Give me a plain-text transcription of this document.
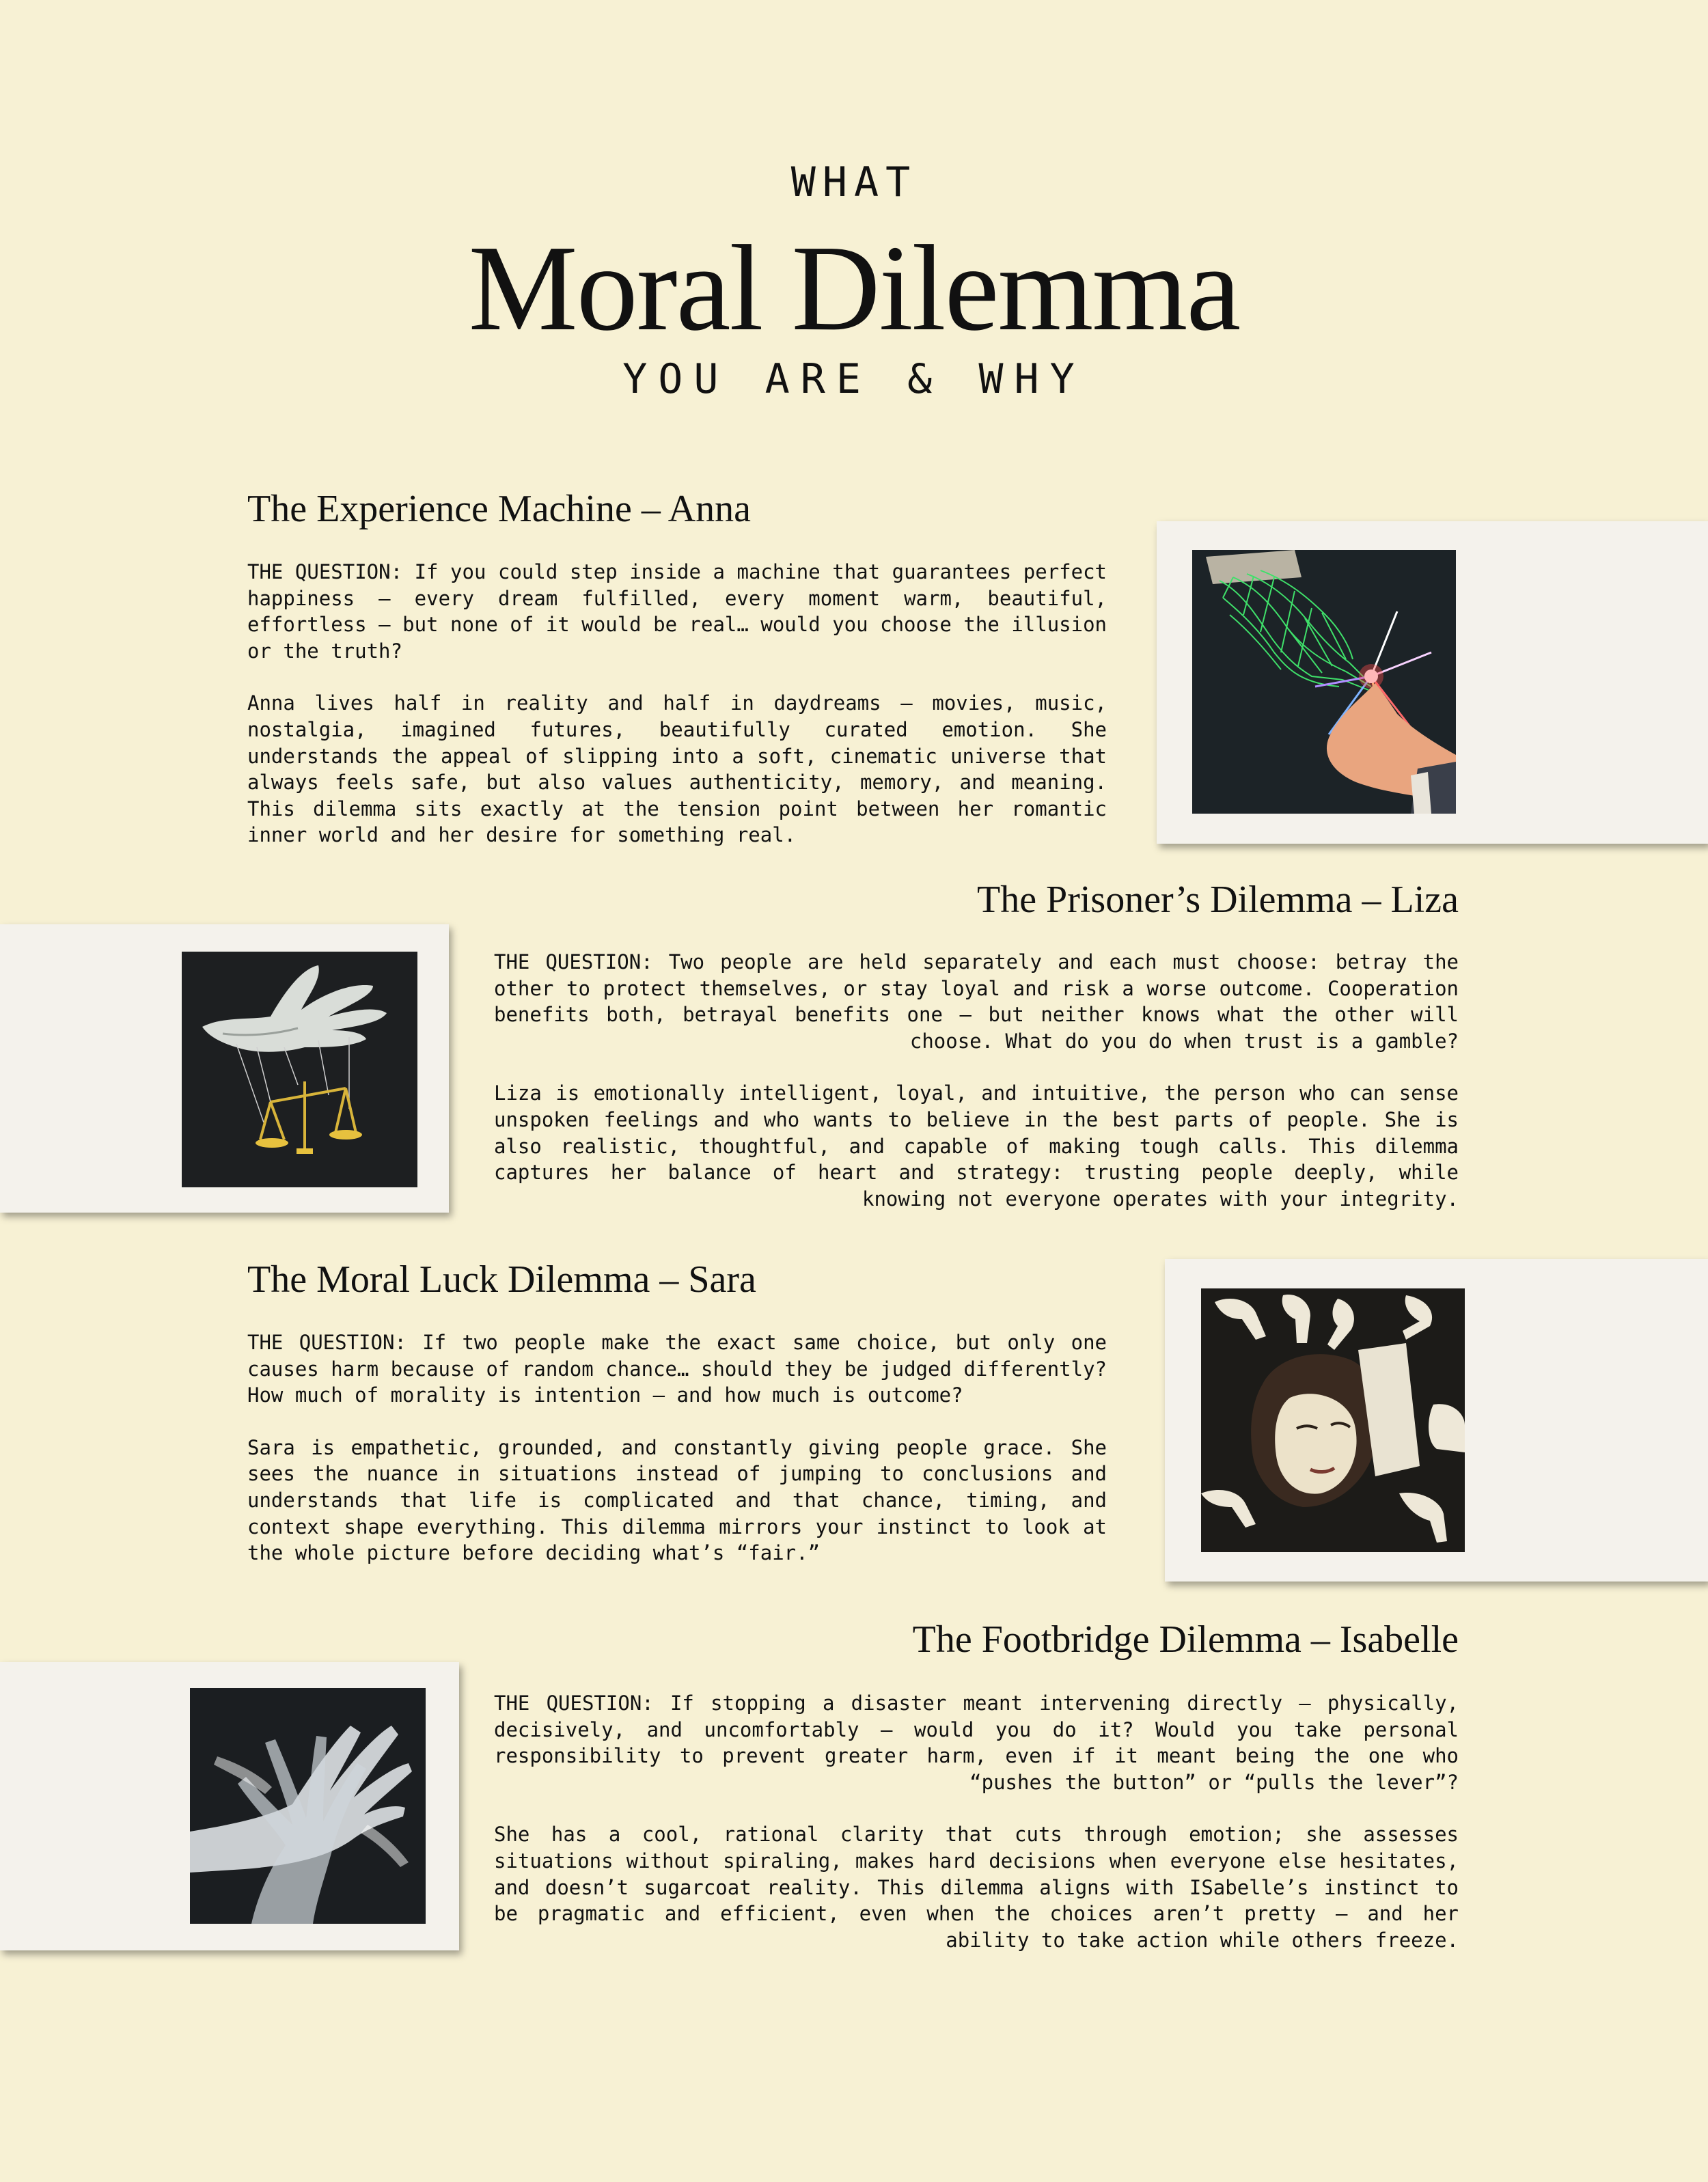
WHAT
Moral Dilemma
YOU ARE & WHY
The Experience Machine – Anna

THE QUESTION: If you could step inside a machine that guarantees perfect happiness — every dream fulfilled, every moment warm, beautiful, effortless — but none of it would be real… would you choose the illusion or the truth?

Anna lives half in reality and half in daydreams — movies, music, nostalgia, imagined futures, beautifully curated emotion. She understands the appeal of slipping into a soft, cinematic universe that always feels safe, but also values authenticity, memory, and meaning. This dilemma sits exactly at the tension point between her romantic inner world and her desire for something real.

The Prisoner’s Dilemma – Liza

THE QUESTION: Two people are held separately and each must choose: betray the other to protect themselves, or stay loyal and risk a worse outcome. Cooperation benefits both, betrayal benefits one — but neither knows what the other will choose. What do you do when trust is a gamble?

Liza is emotionally intelligent, loyal, and intuitive, the person who can sense unspoken feelings and who wants to believe in the best parts of people. She is also realistic, thoughtful, and capable of making tough calls. This dilemma captures her balance of heart and strategy: trusting people deeply, while knowing not everyone operates with your integrity.

The Moral Luck Dilemma – Sara

THE QUESTION: If two people make the exact same choice, but only one causes harm because of random chance… should they be judged differently? How much of morality is intention — and how much is outcome?

Sara is empathetic, grounded, and constantly giving people grace. She sees the nuance in situations instead of jumping to conclusions and understands that life is complicated and that chance, timing, and context shape everything. This dilemma mirrors your instinct to look at the whole picture before deciding what’s “fair.”

The Footbridge Dilemma – Isabelle

THE QUESTION: If stopping a disaster meant intervening directly — physically, decisively, and uncomfortably — would you do it? Would you take personal responsibility to prevent greater harm, even if it meant being the one who “pushes the button” or “pulls the lever”?

She has a cool, rational clarity that cuts through emotion; she assesses situations without spiraling, makes hard decisions when everyone else hesitates, and doesn’t sugarcoat reality. This dilemma aligns with ISabelle’s instinct to be pragmatic and efficient, even when the choices aren’t pretty — and her ability to take action while others freeze.
